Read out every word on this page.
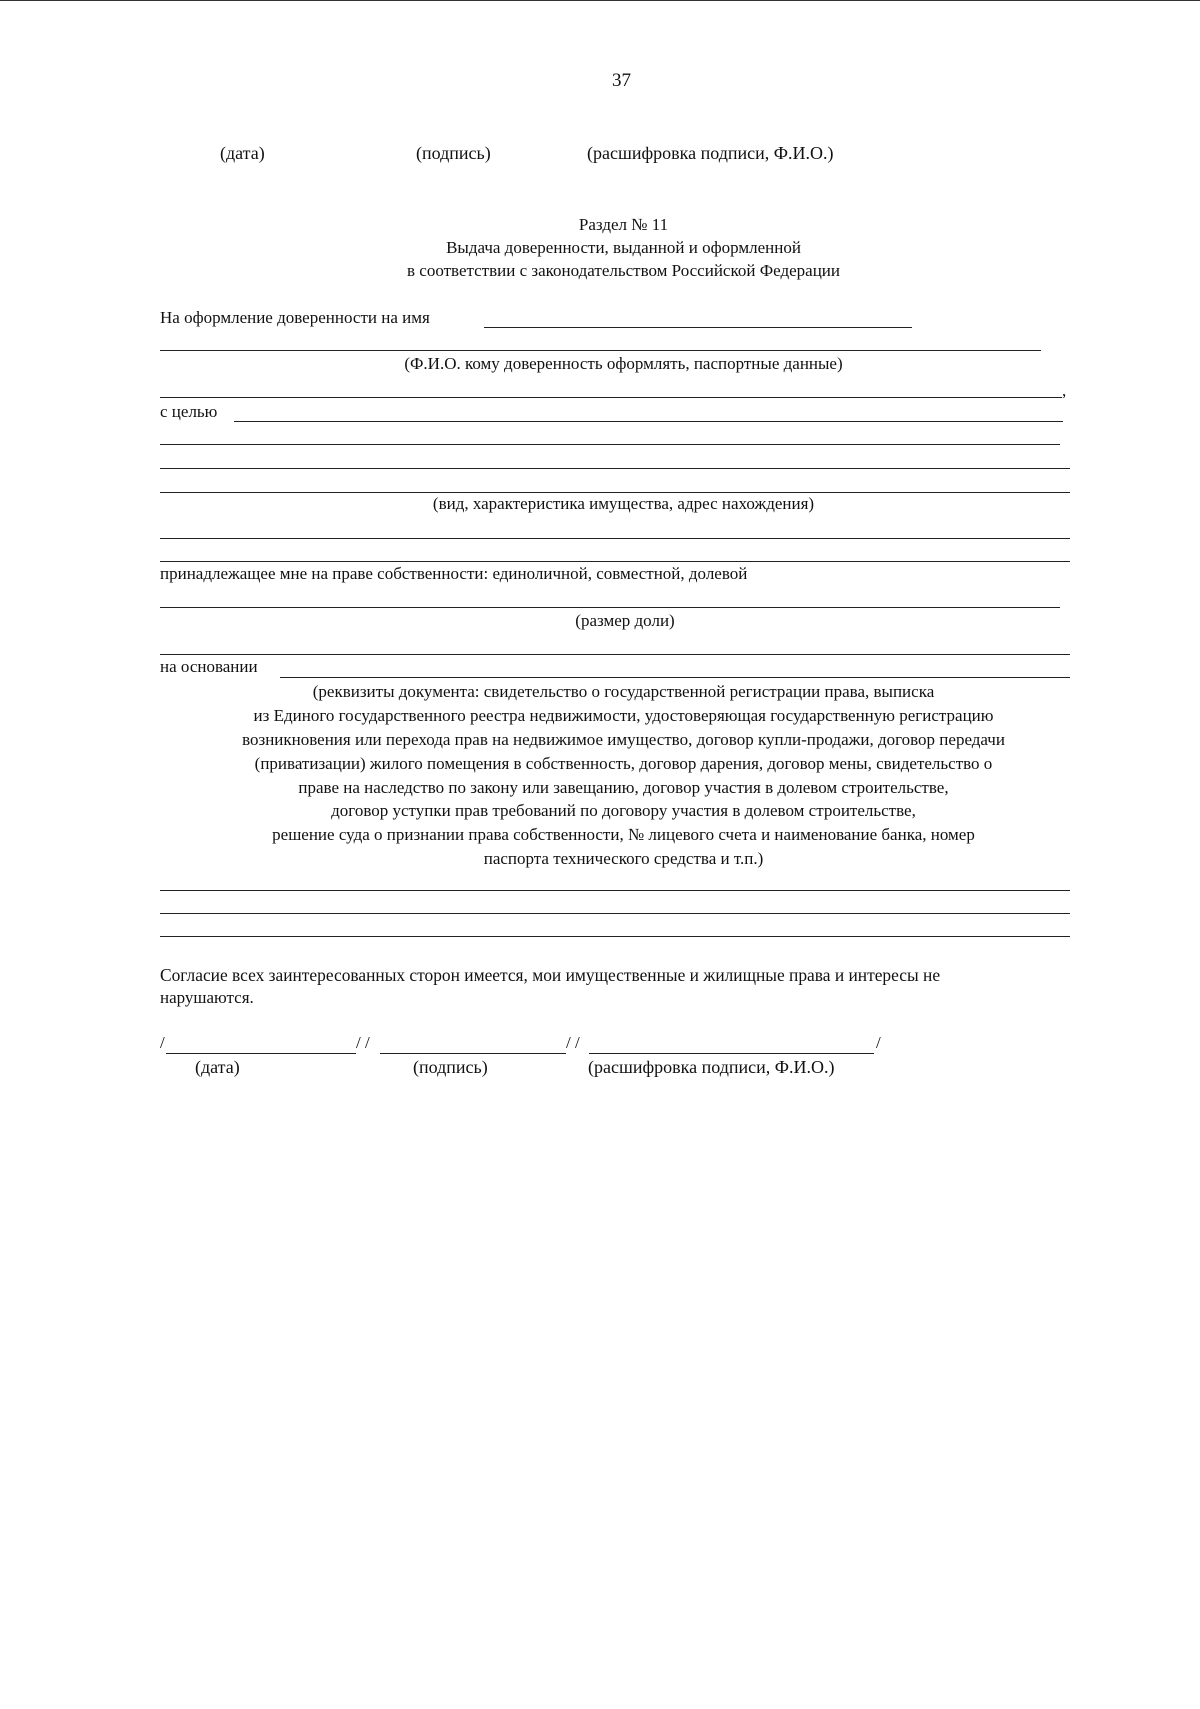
37
(дата)	(подпись)	(расшифровка подписи, Ф.И.О.)
Раздел № 11
Выдача доверенности, выданной и оформленной
в соответствии с законодательством Российской Федерации
На оформление доверенности на имя
(Ф.И.О. кому доверенность оформлять, паспортные данные)
,
с целью
(вид, характеристика имущества, адрес нахождения)
принадлежащее мне на праве собственности: единоличной, совместной, долевой
(размер доли)
на основании
(реквизиты документа: свидетельство о государственной регистрации права, выписка
из Единого государственного реестра недвижимости, удостоверяющая государственную регистрацию
возникновения или перехода прав на недвижимое имущество, договор купли-продажи, договор передачи
(приватизации) жилого помещения в собственность, договор дарения, договор мены, свидетельство о
праве на наследство по закону или завещанию, договор участия в долевом строительстве,
договор уступки прав требований по договору участия в долевом строительстве,
решение суда о признании права собственности, № лицевого счета и наименование банка, номер
паспорта технического средства и т.п.)
Согласие всех заинтересованных сторон имеется, мои имущественные и жилищные права и интересы не
нарушаются.
/	/ /	/ /	/
(дата)	(подпись)	(расшифровка подписи, Ф.И.О.)
